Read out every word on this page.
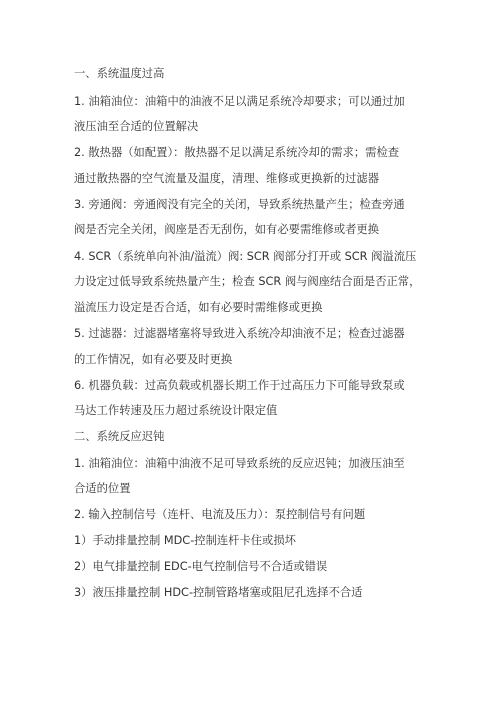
一、系统温度过高
1. 油箱油位：油箱中的油液不足以满足系统冷却要求；可以通过加
液压油至合适的位置解决
2. 散热器（如配置）：散热器不足以满足系统冷却的需求；需检查
通过散热器的空气流量及温度，清理、维修或更换新的过滤器
3. 旁通阀：旁通阀没有完全的关闭，导致系统热量产生；检查旁通
阀是否完全关闭，阀座是否无刮伤，如有必要需维修或者更换
4. SCR（系统单向补油/溢流）阀: SCR 阀部分打开或 SCR 阀溢流压
力设定过低导致系统热量产生；检查 SCR 阀与阀座结合面是否正常，
溢流压力设定是否合适，如有必要时需维修或更换
5. 过滤器：过滤器堵塞将导致进入系统冷却油液不足；检查过滤器
的工作情况，如有必要及时更换
6. 机器负载：过高负载或机器长期工作于过高压力下可能导致泵或
马达工作转速及压力超过系统设计限定值
二、系统反应迟钝
1. 油箱油位：油箱中油液不足可导致系统的反应迟钝；加液压油至
合适的位置
2. 输入控制信号（连杆、电流及压力）：泵控制信号有问题
1）手动排量控制 MDC-控制连杆卡住或损坏
2）电气排量控制 EDC-电气控制信号不合适或错误
3）液压排量控制 HDC-控制管路堵塞或阻尼孔选择不合适
